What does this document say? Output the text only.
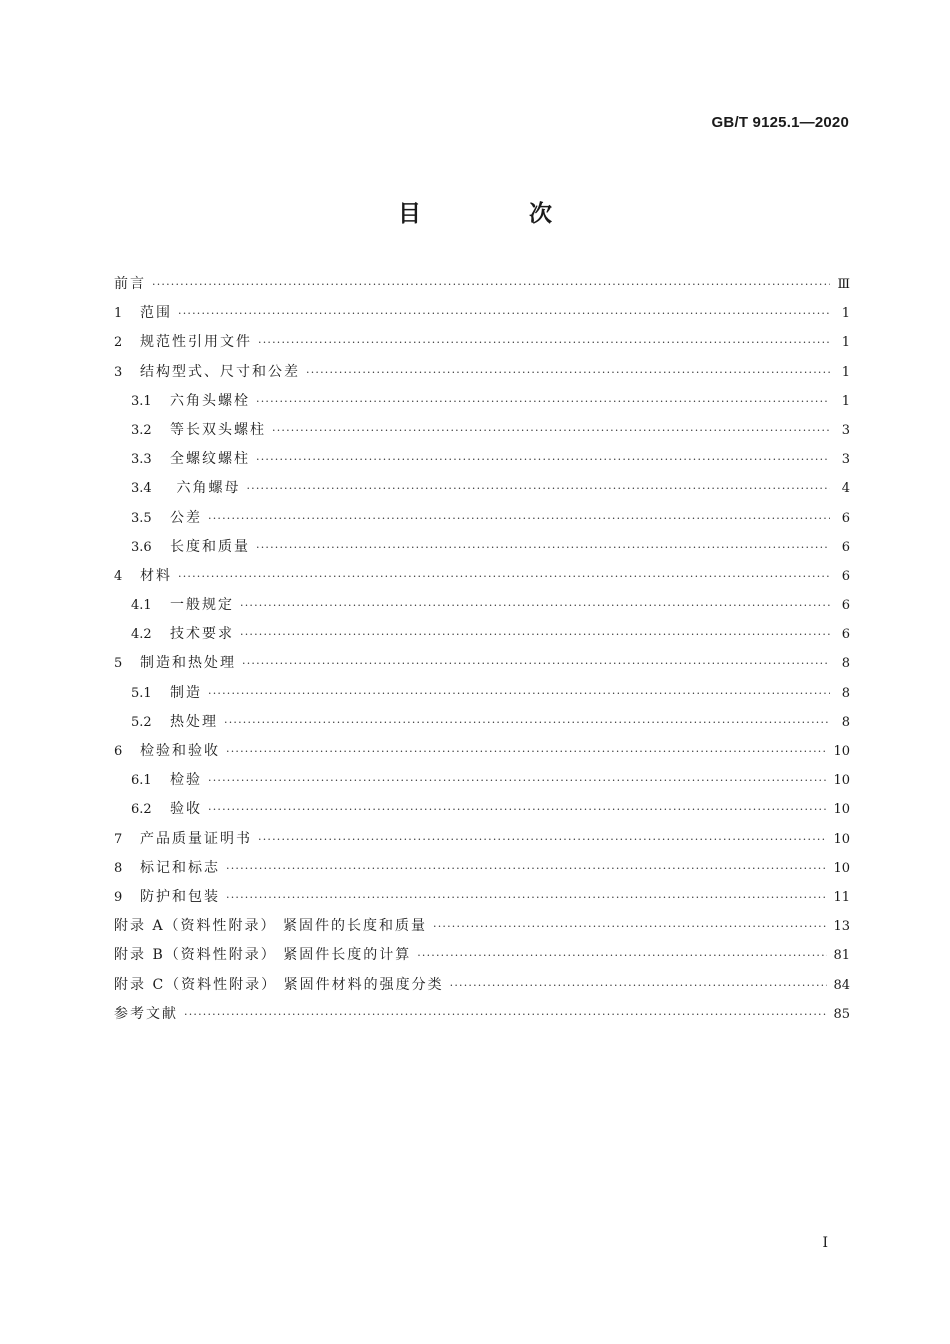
GB/T 9125.1—2020
目 次
前言 ·····	Ⅲ
1	范围 ·····	1
2	规范性引用文件 ·····	1
3	结构型式、尺寸和公差 ·····	1
3.1	六角头螺栓 ·····	1
3.2	等长双头螺柱 ·····	3
3.3	全螺纹螺柱 ·····	3
3.4	六角螺母 ·····	4
3.5	公差 ·····	6
3.6	长度和质量 ·····	6
4	材料 ·····	6
4.1	一般规定 ·····	6
4.2	技术要求 ·····	6
5	制造和热处理 ·····	8
5.1	制造 ·····	8
5.2	热处理 ·····	8
6	检验和验收 ·····	10
6.1	检验 ·····	10
6.2	验收 ·····	10
7	产品质量证明书 ·····	10
8	标记和标志 ·····	10
9	防护和包装 ·····	11
附录 A（资料性附录） 紧固件的长度和质量 ·····	13
附录 B（资料性附录） 紧固件长度的计算 ·····	81
附录 C（资料性附录） 紧固件材料的强度分类 ·····	84
参考文献 ·····	85
I
